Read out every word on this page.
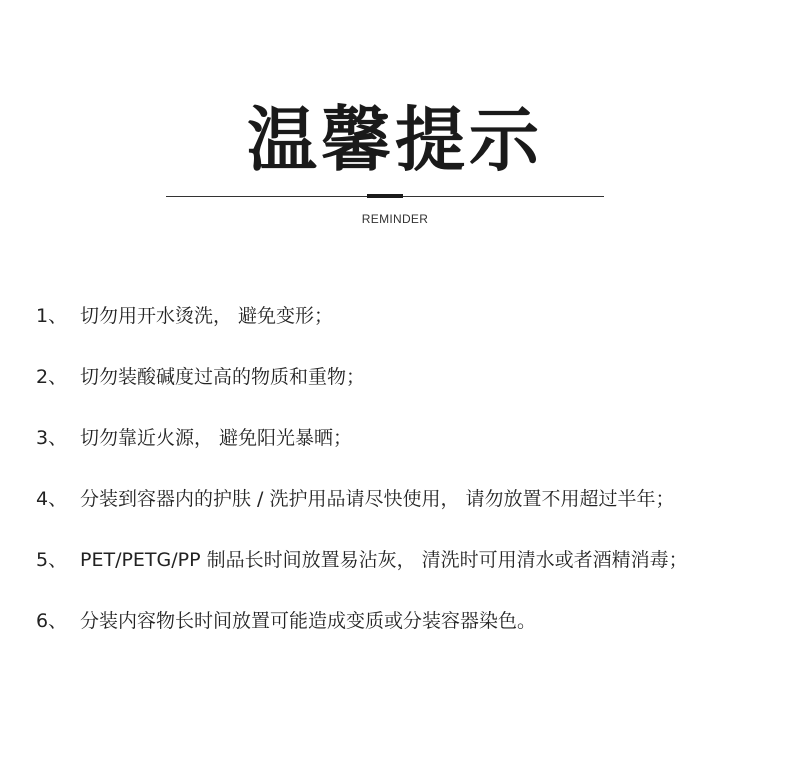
温馨提示
REMINDER
1、 切勿用开水烫洗， 避免变形；
2、 切勿装酸碱度过高的物质和重物；
3、 切勿靠近火源， 避免阳光暴晒；
4、 分装到容器内的护肤 / 洗护用品请尽快使用， 请勿放置不用超过半年；
5、 PET/PETG/PP 制品长时间放置易沾灰， 清洗时可用清水或者酒精消毒；
6、 分装内容物长时间放置可能造成变质或分装容器染色。
